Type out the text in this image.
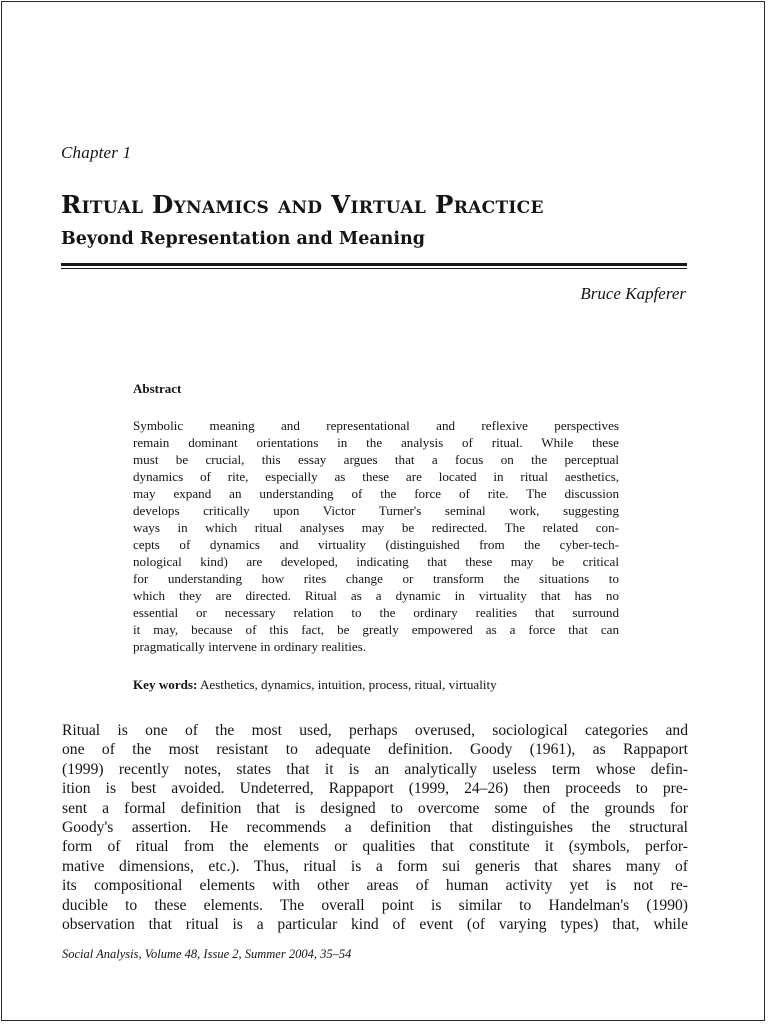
Chapter 1
Ritual Dynamics and Virtual Practice
Beyond Representation and Meaning
Bruce Kapferer
Abstract
Symbolic meaning and representational and reflexive perspectives
remain dominant orientations in the analysis of ritual. While these
must be crucial, this essay argues that a focus on the perceptual
dynamics of rite, especially as these are located in ritual aesthetics,
may expand an understanding of the force of rite. The discussion
develops critically upon Victor Turner's seminal work, suggesting
ways in which ritual analyses may be redirected. The related con-
cepts of dynamics and virtuality (distinguished from the cyber-tech-
nological kind) are developed, indicating that these may be critical
for understanding how rites change or transform the situations to
which they are directed. Ritual as a dynamic in virtuality that has no
essential or necessary relation to the ordinary realities that surround
it may, because of this fact, be greatly empowered as a force that can
pragmatically intervene in ordinary realities.
Key words: Aesthetics, dynamics, intuition, process, ritual, virtuality
Ritual is one of the most used, perhaps overused, sociological categories and
one of the most resistant to adequate definition. Goody (1961), as Rappaport
(1999) recently notes, states that it is an analytically useless term whose defin-
ition is best avoided. Undeterred, Rappaport (1999, 24–26) then proceeds to pre-
sent a formal definition that is designed to overcome some of the grounds for
Goody's assertion. He recommends a definition that distinguishes the structural
form of ritual from the elements or qualities that constitute it (symbols, perfor-
mative dimensions, etc.). Thus, ritual is a form sui generis that shares many of
its compositional elements with other areas of human activity yet is not re-
ducible to these elements. The overall point is similar to Handelman's (1990)
observation that ritual is a particular kind of event (of varying types) that, while
Social Analysis, Volume 48, Issue 2, Summer 2004, 35–54
